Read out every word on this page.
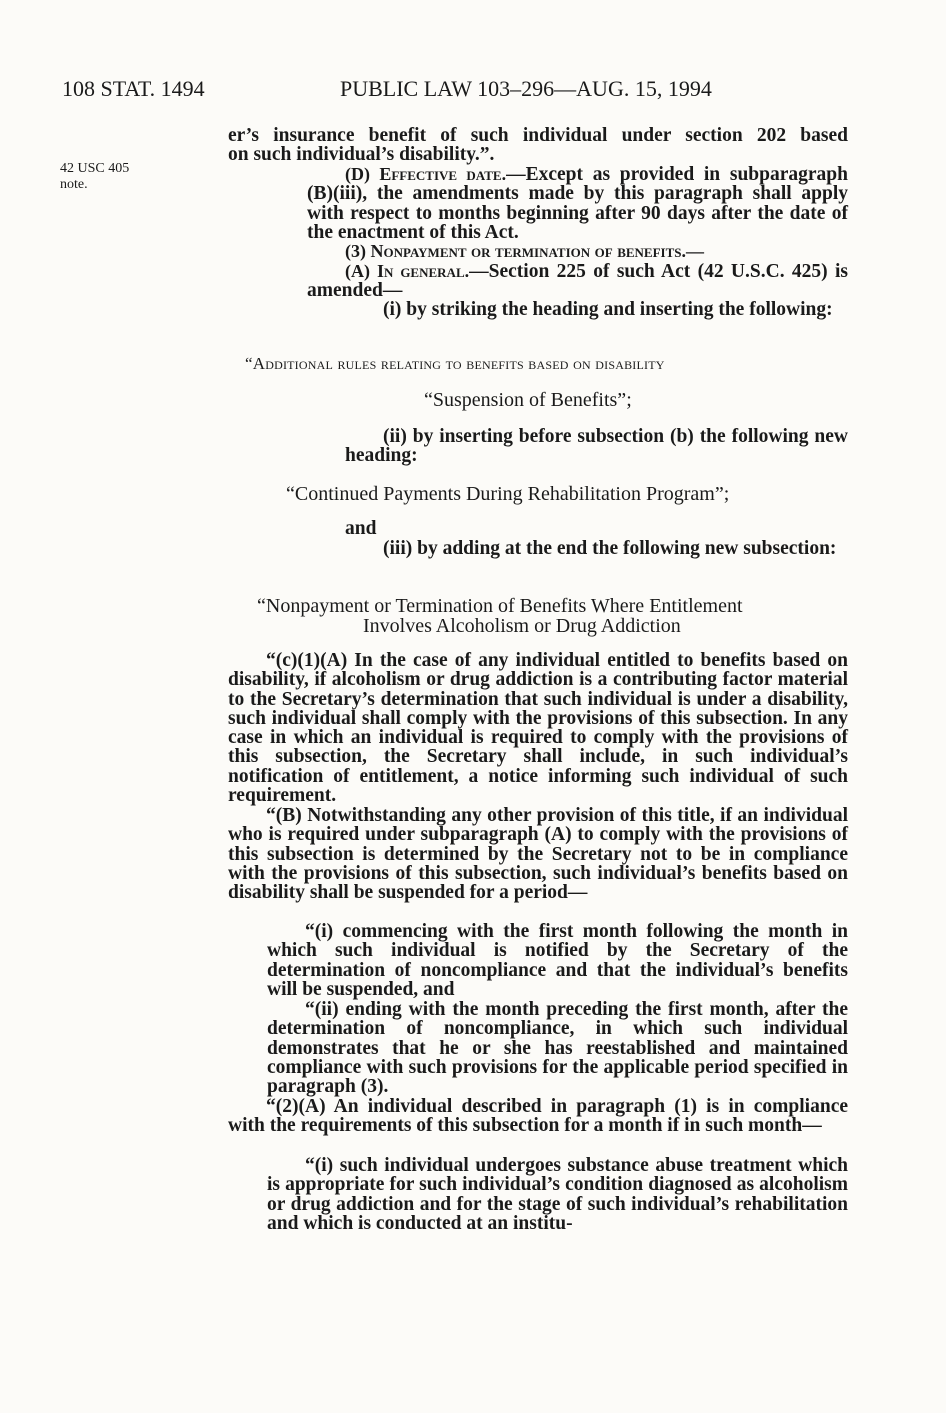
108 STAT. 1494	PUBLIC LAW 103–296—AUG. 15, 1994
42 USC 405
note.
er’s insurance benefit of such individual under section 202 based
on such individual’s disability.”.
(D) Effective date.—Except as provided in subparagraph (B)(iii), the amendments made by this paragraph shall apply with respect to months beginning after 90 days after the date of the enactment of this Act.
(3) Nonpayment or termination of benefits.—
(A) In general.—Section 225 of such Act (42 U.S.C. 425) is amended—
(i) by striking the heading and inserting the following:
“Additional rules relating to benefits based on disability
“Suspension of Benefits”;
(ii) by inserting before subsection (b) the following new heading:
“Continued Payments During Rehabilitation Program”;
and
(iii) by adding at the end the following new subsection:
“Nonpayment or Termination of Benefits Where Entitlement
Involves Alcoholism or Drug Addiction
“(c)(1)(A) In the case of any individual entitled to benefits based on disability, if alcoholism or drug addiction is a contributing factor material to the Secretary’s determination that such individual is under a disability, such individual shall comply with the provisions of this subsection. In any case in which an individual is required to comply with the provisions of this subsection, the Secretary shall include, in such individual’s notification of entitlement, a notice informing such individual of such requirement.
“(B) Notwithstanding any other provision of this title, if an individual who is required under subparagraph (A) to comply with the provisions of this subsection is determined by the Secretary not to be in compliance with the provisions of this subsection, such individual’s benefits based on disability shall be suspended for a period—
“(i) commencing with the first month following the month in which such individual is notified by the Secretary of the determination of noncompliance and that the individual’s benefits will be suspended, and
“(ii) ending with the month preceding the first month, after the determination of noncompliance, in which such individual demonstrates that he or she has reestablished and maintained compliance with such provisions for the applicable period specified in paragraph (3).
“(2)(A) An individual described in paragraph (1) is in compliance with the requirements of this subsection for a month if in such month—
“(i) such individual undergoes substance abuse treatment which is appropriate for such individual’s condition diagnosed as alcoholism or drug addiction and for the stage of such individual’s rehabilitation and which is conducted at an institu-
